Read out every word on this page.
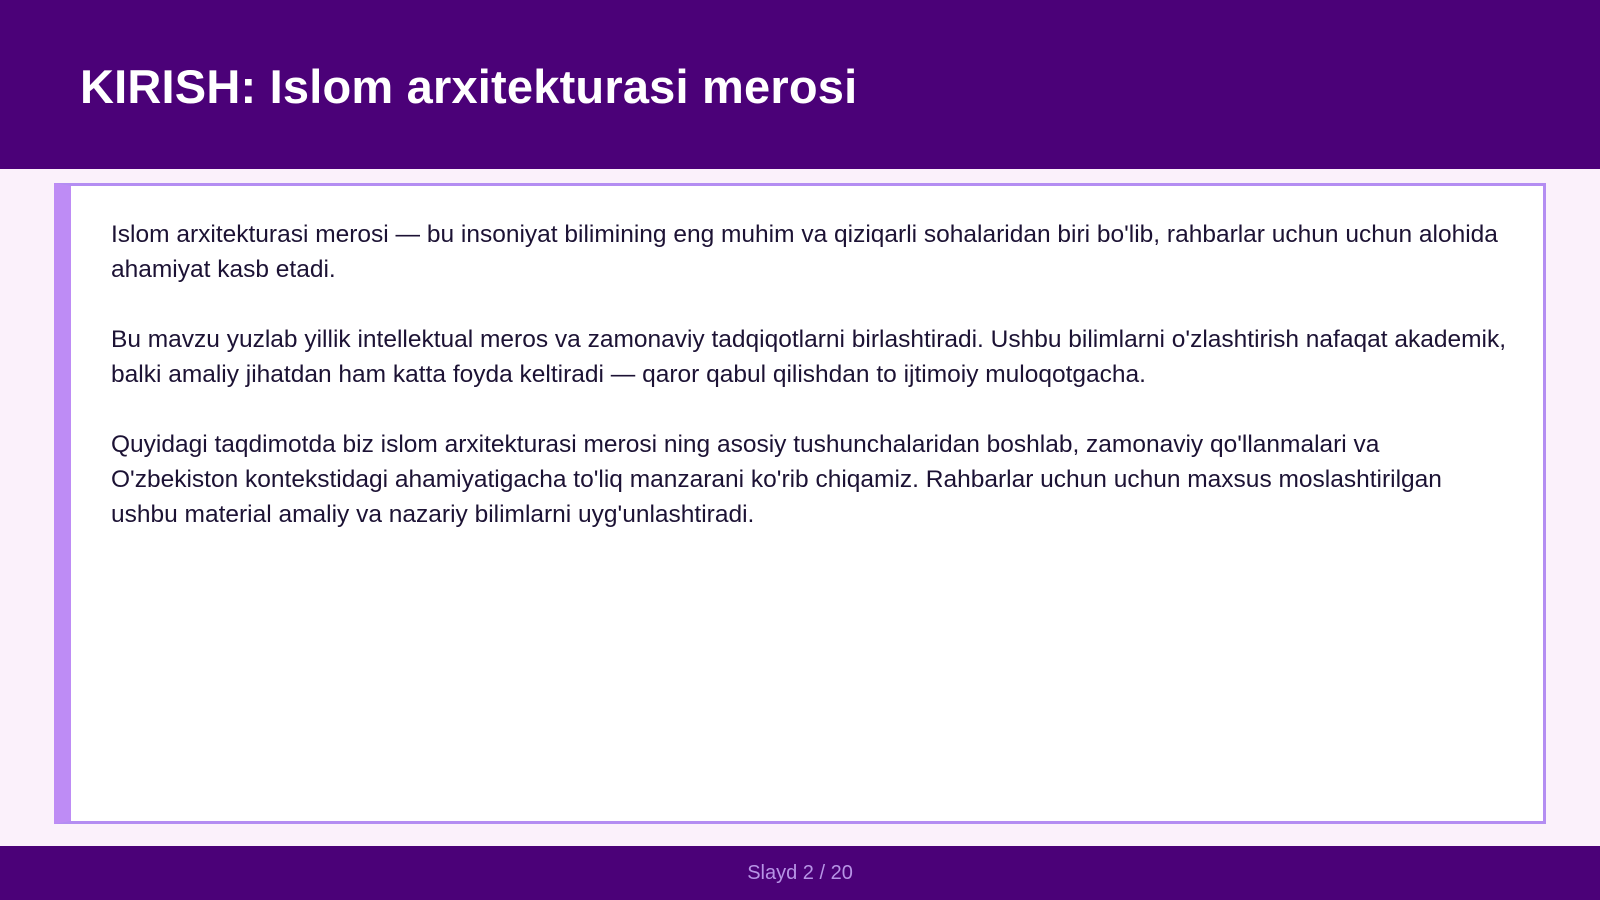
KIRISH: Islom arxitekturasi merosi

Islom arxitekturasi merosi — bu insoniyat bilimining eng muhim va qiziqarli sohalaridan biri bo'lib, rahbarlar uchun uchun alohida ahamiyat kasb etadi.

Bu mavzu yuzlab yillik intellektual meros va zamonaviy tadqiqotlarni birlashtiradi. Ushbu bilimlarni o'zlashtirish nafaqat akademik, balki amaliy jihatdan ham katta foyda keltiradi — qaror qabul qilishdan to ijtimoiy muloqotgacha.

Quyidagi taqdimotda biz islom arxitekturasi merosi ning asosiy tushunchalaridan boshlab, zamonaviy qo'llanmalari va O'zbekiston kontekstidagi ahamiyatigacha to'liq manzarani ko'rib chiqamiz. Rahbarlar uchun uchun maxsus moslashtirilgan ushbu material amaliy va nazariy bilimlarni uyg'unlashtiradi.

Slayd 2 / 20
